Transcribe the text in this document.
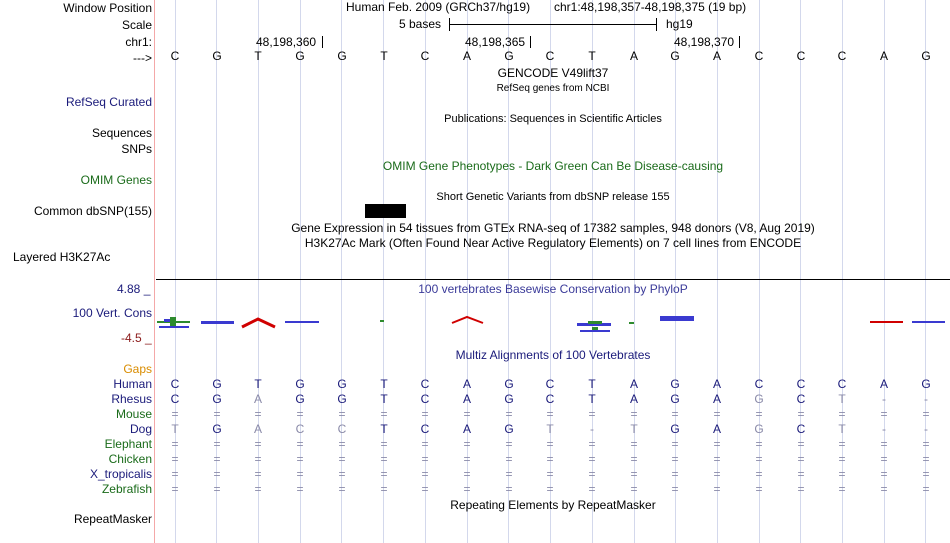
Window Position	Human Feb. 2009 (GRCh37/hg19) chr1:48,198,357-48,198,375 (19 bp)
Scale	5 bases	hg19
chr1:	48,198,360	48,198,365	48,198,370
--->	C	G	T	G	G	T	C	A	G	C	T	A	G	A	C	C	C	A	G
GENCODE V49lift37
RefSeq genes from NCBI
RefSeq Curated
Publications: Sequences in Scientific Articles
Sequences
SNPs
OMIM Gene Phenotypes - Dark Green Can Be Disease-causing
OMIM Genes
Short Genetic Variants from dbSNP release 155
Common dbSNP(155)
Gene Expression in 54 tissues from GTEx RNA-seq of 17382 samples, 948 donors (V8, Aug 2019)
H3K27Ac Mark (Often Found Near Active Regulatory Elements) on 7 cell lines from ENCODE
Layered H3K27Ac
100 vertebrates Basewise Conservation by PhyloP
4.88 _
100 Vert. Cons
-4.5 _
Multiz Alignments of 100 Vertebrates
Gaps
Human	C	G	T	G	G	T	C	A	G	C	T	A	G	A	C	C	C	A	G
Rhesus	C	G	A	G	G	T	C	A	G	C	T	A	G	A	G	C	T	-	-
Mouse	=	=	=	=	=	=	=	=	=	=	=	=	=	=	=	=	=	=	=
Dog	T	G	A	C	C	T	C	A	G	T	-	T	G	A	G	C	T	-	-
Elephant	=	=	=	=	=	=	=	=	=	=	=	=	=	=	=	=	=	=	=
Chicken	=	=	=	=	=	=	=	=	=	=	=	=	=	=	=	=	=	=	=
X_tropicalis	=	=	=	=	=	=	=	=	=	=	=	=	=	=	=	=	=	=	=
Zebrafish	=	=	=	=	=	=	=	=	=	=	=	=	=	=	=	=	=	=	=
Repeating Elements by RepeatMasker
RepeatMasker
